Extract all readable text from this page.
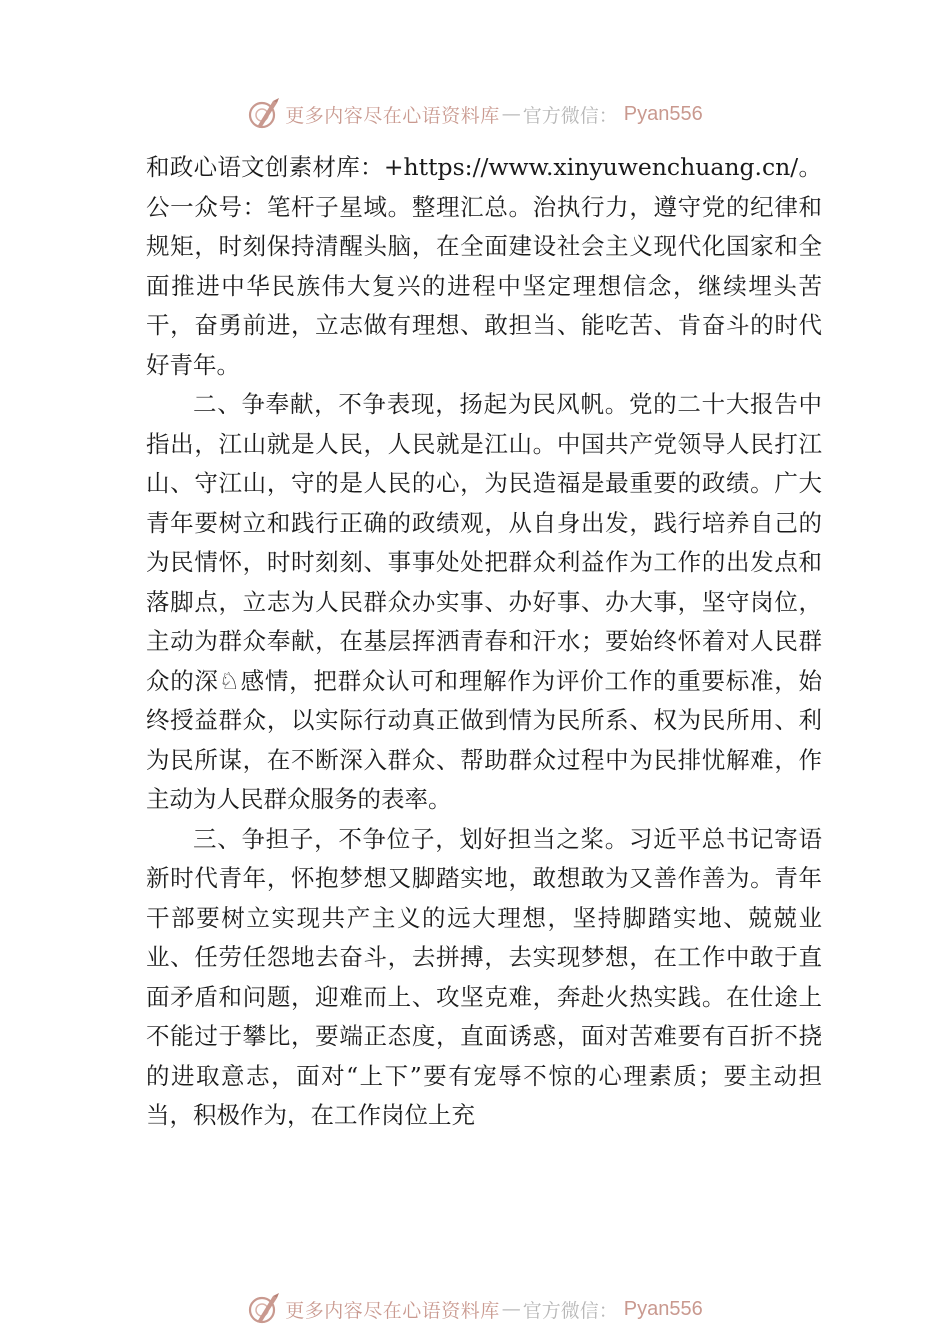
更多内容尽在心语资料库 — 官方微信： Pyan556

和政心语文创素材库：+https://www.xinyuwenchuang.cn/。公一众号：笔杆子星域。整理汇总。治执行力，遵守党的纪律和规矩，时刻保持清醒头脑，在全面建设社会主义现代化国家和全面推进中华民族伟大复兴的进程中坚定理想信念，继续埋头苦干，奋勇前进，立志做有理想、敢担当、能吃苦、肯奋斗的时代好青年。

二、争奉献，不争表现，扬起为民风帆。党的二十大报告中指出，江山就是人民，人民就是江山。中国共产党领导人民打江山、守江山，守的是人民的心，为民造福是最重要的政绩。广大青年要树立和践行正确的政绩观，从自身出发，践行培养自己的为民情怀，时时刻刻、事事处处把群众利益作为工作的出发点和落脚点，立志为人民群众办实事、办好事、办大事，坚守岗位，主动为群众奉献，在基层挥洒青春和汗水；要始终怀着对人民群众的深♘感情，把群众认可和理解作为评价工作的重要标准，始终授益群众，以实际行动真正做到情为民所系、权为民所用、利为民所谋，在不断深入群众、帮助群众过程中为民排忧解难，作主动为人民群众服务的表率。

三、争担子，不争位子，划好担当之桨。习近平总书记寄语新时代青年，怀抱梦想又脚踏实地，敢想敢为又善作善为。青年干部要树立实现共产主义的远大理想，坚持脚踏实地、兢兢业业、任劳任怨地去奋斗，去拼搏，去实现梦想，在工作中敢于直面矛盾和问题，迎难而上、攻坚克难，奔赴火热实践。在仕途上不能过于攀比，要端正态度，直面诱惑，面对苦难要有百折不挠的进取意志，面对“上下”要有宠辱不惊的心理素质；要主动担当，积极作为，在工作岗位上充

更多内容尽在心语资料库 — 官方微信： Pyan556
